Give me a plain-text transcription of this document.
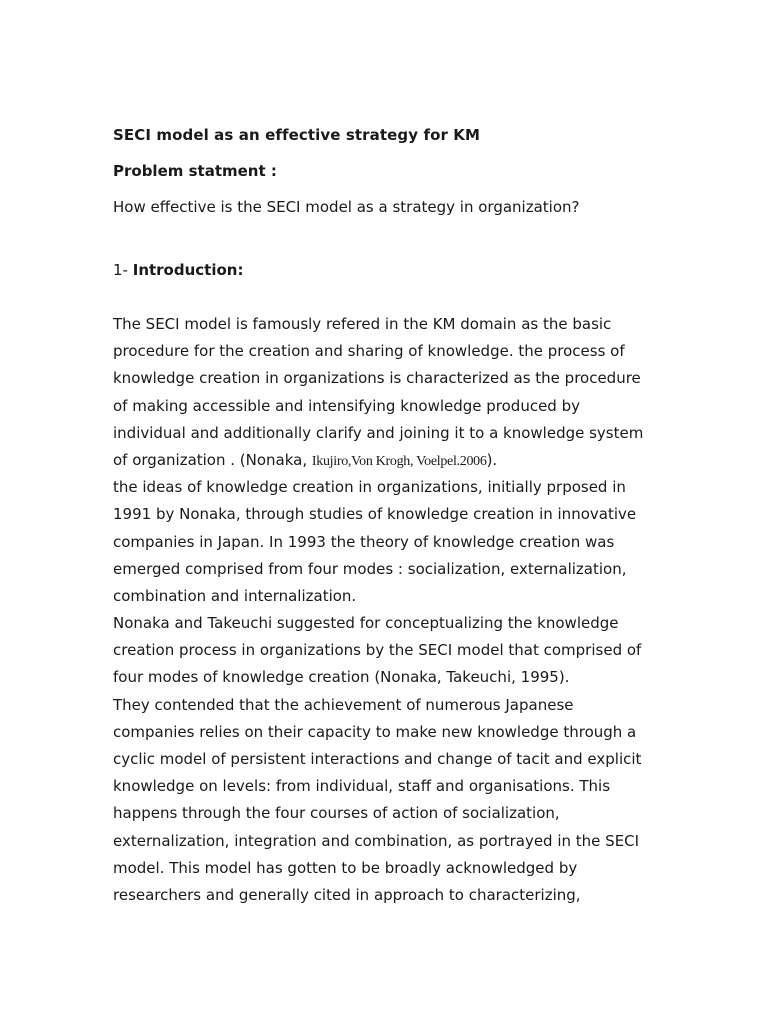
SECI model as an effective strategy for KM

Problem statment :

How effective is the SECI model as a strategy in organization?

1- Introduction:

The SECI model is famously refered in the KM domain as the basic
procedure for the creation and sharing of knowledge. the process of
knowledge creation in organizations is characterized as the procedure
of making accessible and intensifying knowledge produced by
individual and additionally clarify and joining it to a knowledge system
of organization . (Nonaka, Ikujiro,Von Krogh, Voelpel.2006).
the ideas of knowledge creation in organizations, initially prposed in
1991 by Nonaka, through studies of knowledge creation in innovative
companies in Japan. In 1993 the theory of knowledge creation was
emerged comprised from four modes : socialization, externalization,
combination and internalization.
Nonaka and Takeuchi suggested for conceptualizing the knowledge
creation process in organizations by the SECI model that comprised of
four modes of knowledge creation (Nonaka, Takeuchi, 1995).
They contended that the achievement of numerous Japanese
companies relies on their capacity to make new knowledge through a
cyclic model of persistent interactions and change of tacit and explicit
knowledge on levels: from individual, staff and organisations. This
happens through the four courses of action of socialization,
externalization, integration and combination, as portrayed in the SECI
model. This model has gotten to be broadly acknowledged by
researchers and generally cited in approach to characterizing,
